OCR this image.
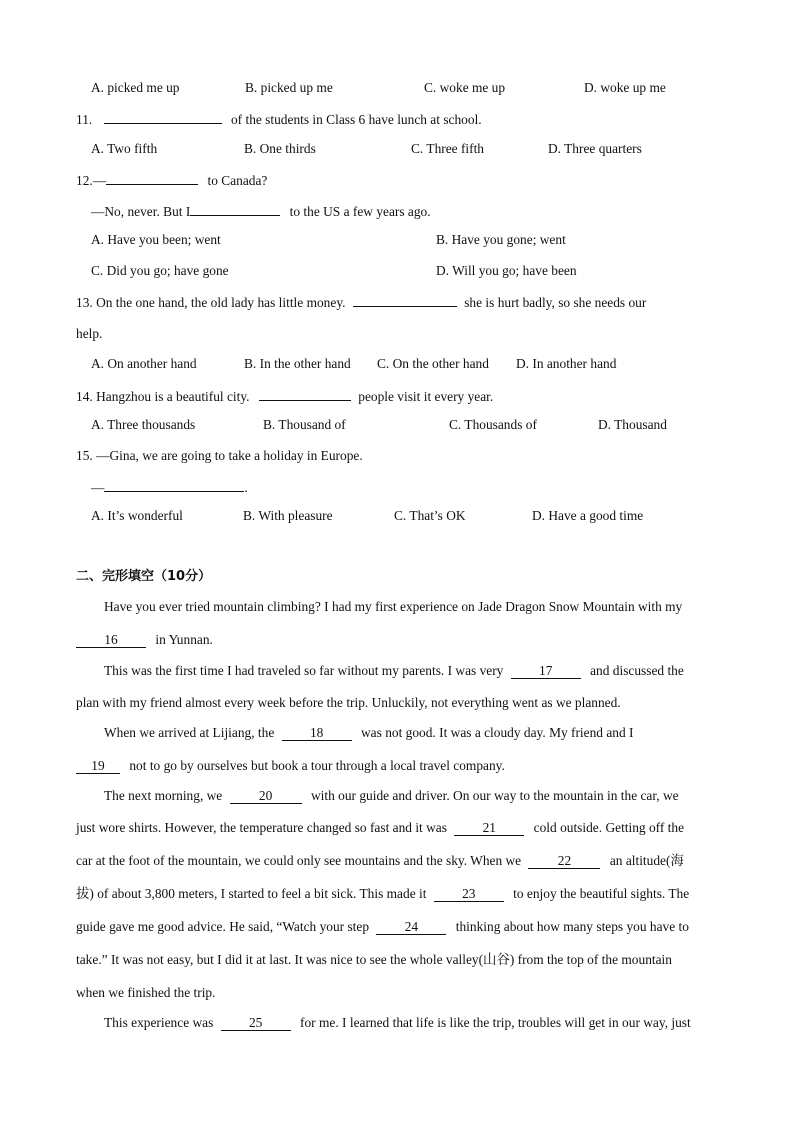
A. picked me up	B. picked up me	C. woke me up	D. woke up me
11.	of the students in Class 6 have lunch at school.
A. Two fifth	B. One thirds	C. Three fifth	D. Three quarters
12.—	to Canada?
—No, never. But I	to the US a few years ago.
A. Have you been; went	B. Have you gone; went
C. Did you go; have gone	D. Will you go; have been
13. On the one hand, the old lady has little money.	she is hurt badly, so she needs our
help.
A. On another hand	B. In the other hand C. On the other hand D. In another hand
14. Hangzhou is a beautiful city.	people visit it every year.
A. Three thousands	B. Thousand of	C. Thousands of	D. Thousand
15. —Gina, we are going to take a holiday in Europe.
—	.
A. It’s wonderful	B. With pleasure	C. That’s OK	D. Have a good time
二、完形填空（10分）
Have you ever tried mountain climbing? I had my first experience on Jade Dragon Snow Mountain with my
16	in Yunnan.
This was the first time I had traveled so far without my parents. I was very	17	and discussed the
plan with my friend almost every week before the trip. Unluckily, not everything went as we planned.
When we arrived at Lijiang, the	18	was not good. It was a cloudy day. My friend and I
19 not to go by ourselves but book a tour through a local travel company.
The next morning, we	20	with our guide and driver. On our way to the mountain in the car, we
just wore shirts. However, the temperature changed so fast and it was	21	cold outside. Getting off the
car at the foot of the mountain, we could only see mountains and the sky. When we	22	an altitude(海
拔) of about 3,800 meters, I started to feel a bit sick. This made it	23	to enjoy the beautiful sights. The
guide gave me good advice. He said, “Watch your step	24	thinking about how many steps you have to
take.” It was not easy, but I did it at last. It was nice to see the whole valley(山谷) from the top of the mountain
when we finished the trip.
This experience was	25	for me. I learned that life is like the trip, troubles will get in our way, just
